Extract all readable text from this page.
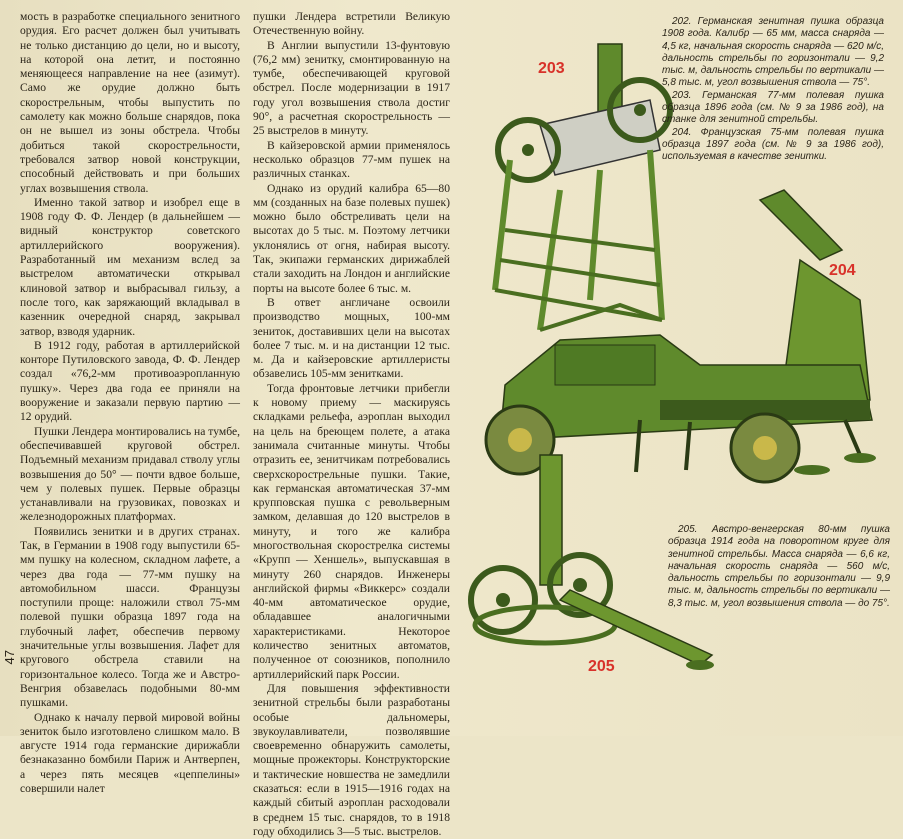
47

мость в разработке специального зенитного орудия. Его расчет должен был учитывать не только дистанцию до цели, но и высоту, на которой она летит, и постоянно меняющееся направление на нее (азимут). Само же орудие должно быть скорострельным, чтобы выпустить по самолету как можно больше снарядов, пока он не вышел из зоны обстрела. Чтобы добиться такой скорострельности, требовался затвор новой конструкции, способный действовать и при больших углах возвышения ствола.

Именно такой затвор и изобрел еще в 1908 году Ф. Ф. Лендер (в дальнейшем — видный конструктор советского артиллерийского вооружения). Разработанный им механизм вслед за выстрелом автоматически открывал клиновой затвор и выбрасывал гильзу, а после того, как заряжающий вкладывал в казенник очередной снаряд, закрывал затвор, взводя ударник.

В 1912 году, работая в артиллерийской конторе Путиловского завода, Ф. Ф. Лендер создал «76,2-мм противоаэропланную пушку». Через два года ее приняли на вооружение и заказали первую партию — 12 орудий.

Пушки Лендера монтировались на тумбе, обеспечивавшей круговой обстрел. Подъемный механизм придавал стволу углы возвышения до 50° — почти вдвое больше, чем у полевых пушек. Первые образцы устанавливали на грузовиках, повозках и железнодорожных платформах.

Появились зенитки и в других странах. Так, в Германии в 1908 году выпустили 65-мм пушку на колесном, складном лафете, а через два года — 77-мм пушку на автомобильном шасси. Французы поступили проще: наложили ствол 75-мм полевой пушки образца 1897 года на глубочный лафет, обеспечив первому значительные углы возвышения. Лафет для кругового обстрела ставили на горизонтальное колесо. Тогда же и Австро-Венгрия обзавелась подобными 80-мм пушками.

Однако к началу первой мировой войны зениток было изготовлено слишком мало. В августе 1914 года германские дирижабли безнаказанно бомбили Париж и Антверпен, а через пять месяцев «цеппелины» совершили налет

пушки Лендера встретили Великую Отечественную войну.

В Англии выпустили 13-фунтовую (76,2 мм) зенитку, смонтированную на тумбе, обеспечивающей круговой обстрел. После модернизации в 1917 году угол возвышения ствола достиг 90°, а расчетная скорострельность — 25 выстрелов в минуту.

В кайзеровской армии применялось несколько образцов 77-мм пушек на различных станках.

Однако из орудий калибра 65—80 мм (созданных на базе полевых пушек) можно было обстреливать цели на высотах до 5 тыс. м. Поэтому летчики уклонялись от огня, набирая высоту. Так, экипажи германских дирижаблей стали заходить на Лондон и английские порты на высоте более 6 тыс. м.

В ответ англичане освоили производство мощных, 100-мм зениток, доставивших цели на высотах более 7 тыс. м. и на дистанции 12 тыс. м. Да и кайзеровские артиллеристы обзавелись 105-мм зенитками.

Тогда фронтовые летчики прибегли к новому приему — маскируясь складками рельефа, аэроплан выходил на цель на бреющем полете, а атака занимала считанные минуты. Чтобы отразить ее, зенитчикам потребовались сверхскорострельные пушки. Такие, как германская автоматическая 37-мм крупповская пушка с револьверным замком, делавшая до 120 выстрелов в минуту, и того же калибра многоствольная скорострелка системы «Крупп — Хеншель», выпускавшая в минуту 260 снарядов. Инженеры английской фирмы «Виккерс» создали 40-мм автоматическое орудие, обладавшее аналогичными характеристиками. Некоторое количество зенитных автоматов, полученное от союзников, пополнило артиллерийский парк России.

Для повышения эффективности зенитной стрельбы были разработаны особые дальномеры, звукоулавливатели, позволявшие своевременно обнаружить самолеты, мощные прожекторы. Конструкторские и тактические новшества не замедлили сказаться: если в 1915—1916 годах на каждый сбитый аэроплан расходовали в среднем 15 тыс. снарядов, то в 1918 году обходились 3—5 тыс. выстрелов.

203
204
205

202. Германская зенитная пушка образца 1908 года. Калибр — 65 мм, масса снаряда — 4,5 кг, начальная скорость снаряда — 620 м/с, дальность стрельбы по горизонтали — 9,2 тыс. м, дальность стрельбы по вертикали — 5,8 тыс. м, угол возвышения ствола — 75°.

203. Германская 77-мм полевая пушка образца 1896 года (см. № 9 за 1986 год), на станке для зенитной стрельбы.

204. Французская 75-мм полевая пушка образца 1897 года (см. № 9 за 1986 год), используемая в качестве зенитки.

205. Австро-венгерская 80-мм пушка образца 1914 года на поворотном круге для зенитной стрельбы. Масса снаряда — 6,6 кг, начальная скорость снаряда — 560 м/с, дальность стрельбы по горизонтали — 9,9 тыс. м, дальность стрельбы по вертикали — 8,3 тыс. м, угол возвышения ствола — до 75°.
